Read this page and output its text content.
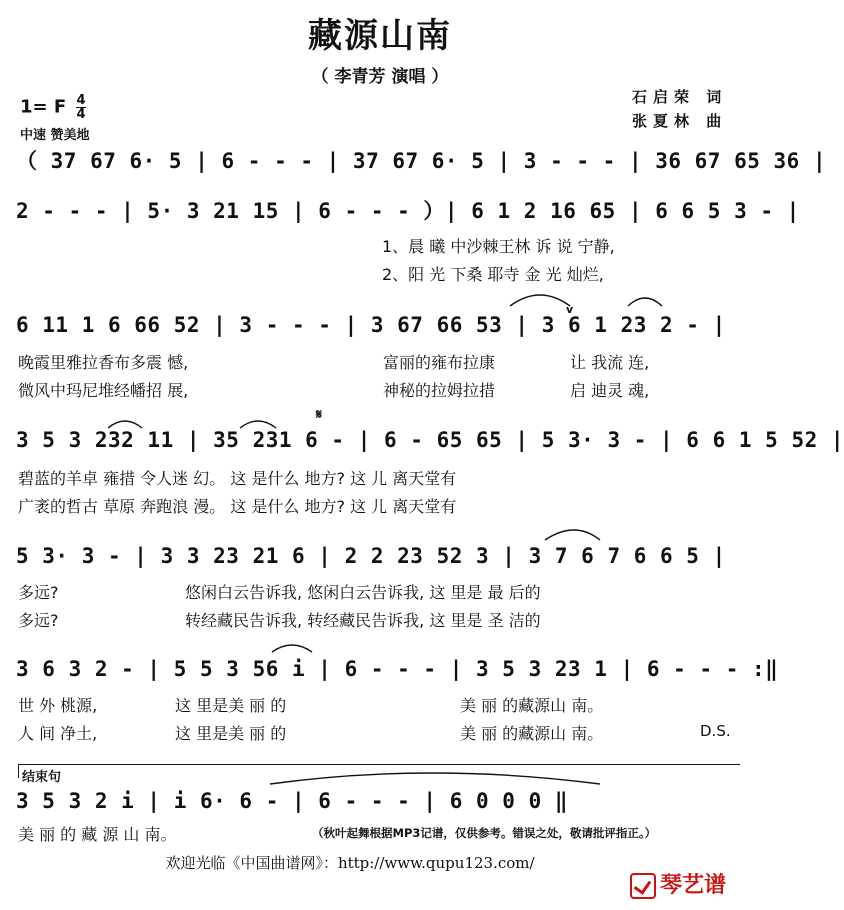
藏源山南
（ 李青芳 演唱 ）
1= F $\frac{4}{4}$
中速 赞美地
石启荣 词
张夏林 曲
（ 37 67 6· 5 | 6 - - - | 37 67 6· 5 | 3 - - - | 36 67 65 36 |
2 - - - | 5· 3 21 15 | 6 - - - ）| 6 1 2 16 65 | 6 6 5 3 - |
1、晨 曦 中沙棘王林 诉 说 宁静,
2、阳 光 下桑 耶寺 金 光 灿烂,
v
6 11 1 6 66 52 | 3 - - - | 3 67 66 53 | 3 6 1 23 2 - |
晚霞里雅拉香布多震 憾,	富丽的雍布拉康	让 我流 连,
微风中玛尼堆经幡招 展,	神秘的拉姆拉措	启 迪灵 魂,
𝄋
3 5 3 232 11 | 35 231 6 - | 6 - 65 65 | 5 3· 3 - | 6 6 1 5 52 |
碧蓝的羊卓 雍措 令人迷 幻。 这 是什么 地方? 这 儿 离天堂有
广袤的哲古 草原 奔跑浪 漫。 这 是什么 地方? 这 儿 离天堂有
5 3· 3 - | 3 3 23 21 6 | 2 2 23 52 3 | 3 7 6 7 6 6 5 |
多远?	悠闲白云告诉我, 悠闲白云告诉我, 这 里是 最 后的
多远?	转经藏民告诉我, 转经藏民告诉我, 这 里是 圣 洁的
3 6 3 2 - | 5 5 3 56 i | 6 - - - | 3 5 3 23 1 | 6 - - - :‖
世 外 桃源,	这 里是美 丽 的	美 丽 的藏源山 南。
人 间 净土,	这 里是美 丽 的	美 丽 的藏源山 南。	D.S.
结束句
3 5 3 2 i | i 6· 6 - | 6 - - - | 6 0 0 0 ‖
美 丽 的 藏 源 山 南。	（秋叶起舞根据MP3记谱，仅供参考。错误之处，敬请批评指正。）
欢迎光临《中国曲谱网》：http://www.qupu123.com/
琴艺谱
